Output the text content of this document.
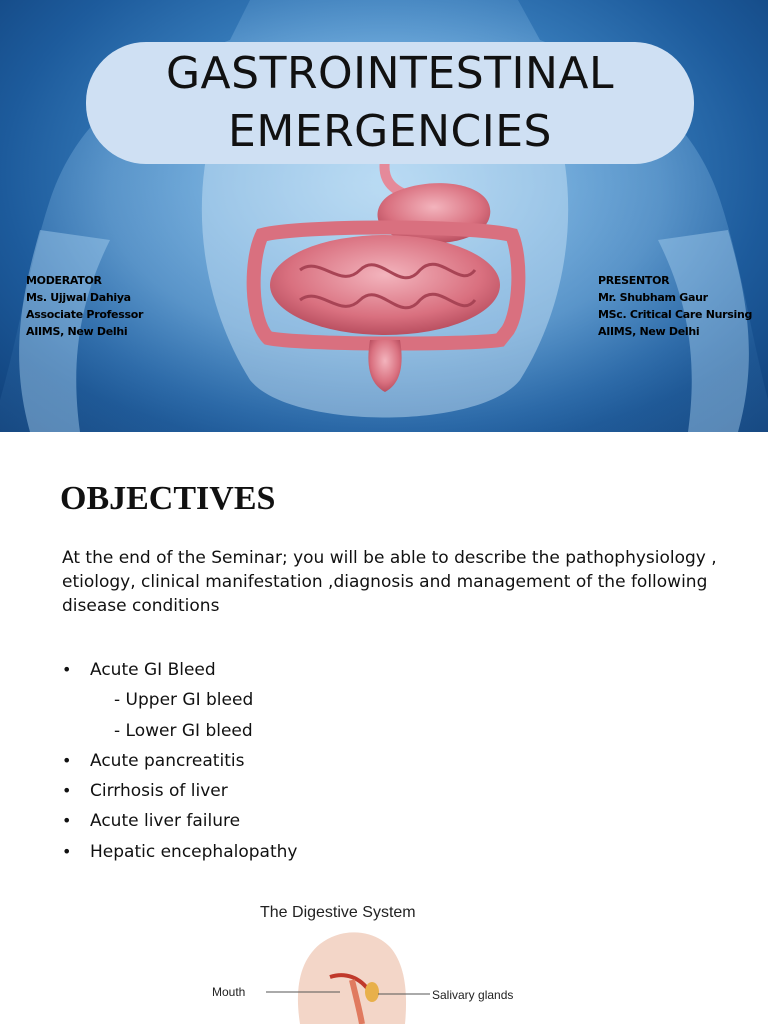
GASTROINTESTINAL
EMERGENCIES
MODERATOR
Ms. Ujjwal Dahiya
Associate Professor
AIIMS, New Delhi
PRESENTOR
Mr. Shubham Gaur
MSc. Critical Care Nursing
AIIMS, New Delhi
OBJECTIVES
At the end of the Seminar; you will be able to describe the pathophysiology , etiology, clinical manifestation ,diagnosis and management of the following disease conditions
• Acute GI Bleed
- Upper GI bleed
- Lower GI bleed
• Acute pancreatitis
• Cirrhosis of liver
• Acute liver failure
• Hepatic encephalopathy
The Digestive System
Mouth	Salivary glands
